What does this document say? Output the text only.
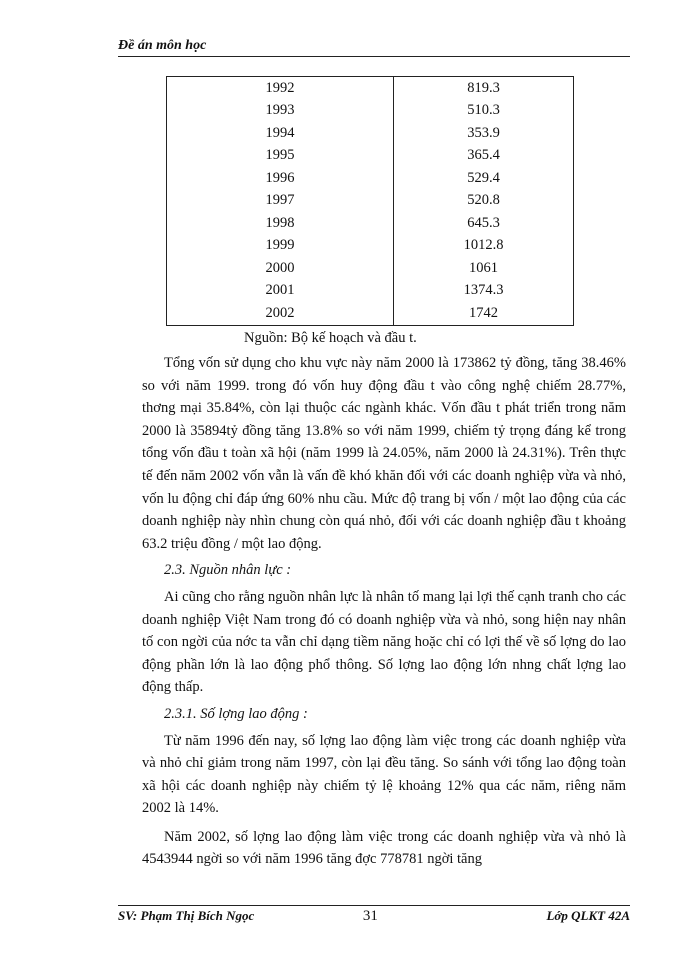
Đề án môn học
1992	819.3
1993	510.3
1994	353.9
1995	365.4
1996	529.4
1997	520.8
1998	645.3
1999	1012.8
2000	1061
2001	1374.3
2002	1742
Nguồn: Bộ kế hoạch và đầu t.

Tổng vốn sử dụng cho khu vực này năm 2000 là 173862 tỷ đồng, tăng 38.46% so với năm 1999. trong đó vốn huy động đầu t vào công nghệ chiếm 28.77%, thơng mại 35.84%, còn lại thuộc các ngành khác. Vốn đầu t phát triển trong năm 2000 là 35894tỷ đồng tăng 13.8% so với năm 1999, chiếm tỷ trọng đáng kể trong tổng vốn đầu t toàn xã hội (năm 1999 là 24.05%, năm 2000 là 24.31%). Trên thực tế đến năm 2002 vốn vẫn là vấn đề khó khăn đối với các doanh nghiệp vừa và nhỏ, vốn lu động chỉ đáp ứng 60% nhu cầu. Mức độ trang bị vốn / một lao động của các doanh nghiệp này nhìn chung còn quá nhỏ, đối với các doanh nghiệp đầu t khoảng 63.2 triệu đồng / một lao động.

2.3. Nguồn nhân lực :

Ai cũng cho rằng nguồn nhân lực là nhân tố mang lại lợi thế cạnh tranh cho các doanh nghiệp Việt Nam trong đó có doanh nghiệp vừa và nhỏ, song hiện nay nhân tố con ngời của nớc ta vẫn chỉ dạng tiềm năng hoặc chỉ có lợi thế về số lợng do lao động phần lớn là lao động phổ thông. Số lợng lao động lớn nhng chất lợng lao động thấp.

2.3.1. Số lợng lao động :

Từ năm 1996 đến nay, số lợng lao động làm việc trong các doanh nghiệp vừa và nhỏ chỉ giảm trong năm 1997, còn lại đều tăng. So sánh với tổng lao động toàn xã hội các doanh nghiệp này chiếm tỷ lệ khoảng 12% qua các năm, riêng năm 2002 là 14%.

Năm 2002, số lợng lao động làm việc trong các doanh nghiệp vừa và nhỏ là 4543944 ngời so với năm 1996 tăng đợc 778781 ngời tăng

SV: Phạm Thị Bích Ngọc	31	Lớp QLKT 42A
